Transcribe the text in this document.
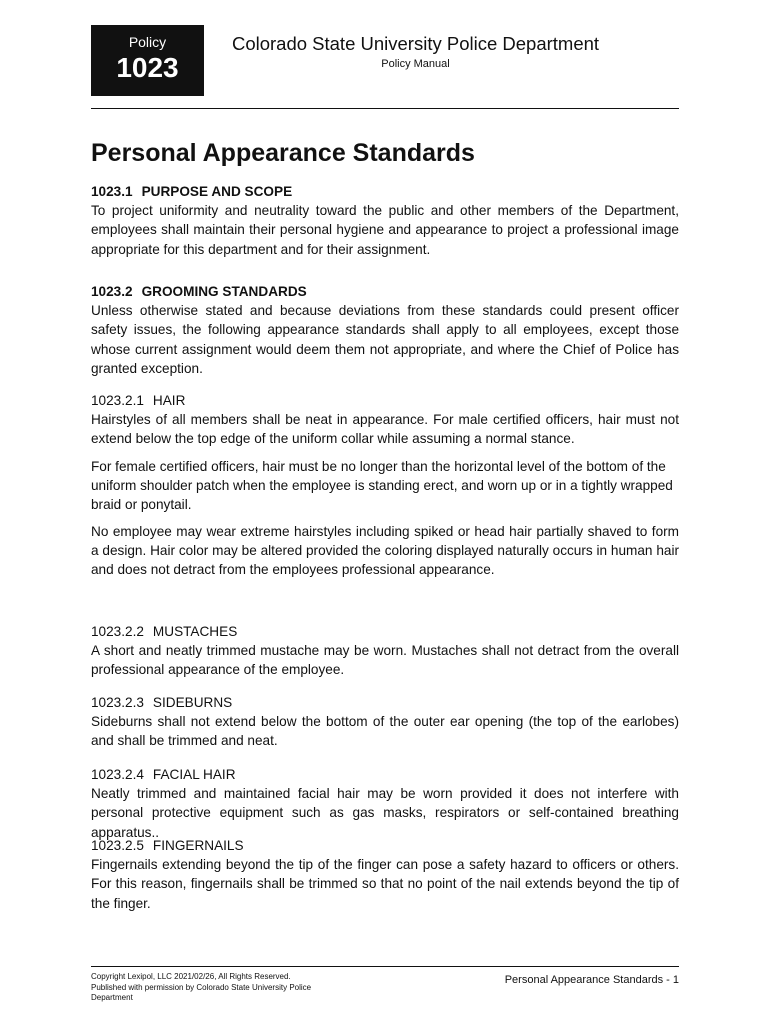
Policy
1023
Colorado State University Police Department
Policy Manual
Personal Appearance Standards
1023.1 PURPOSE AND SCOPE

To project uniformity and neutrality toward the public and other members of the Department, employees shall maintain their personal hygiene and appearance to project a professional image appropriate for this department and for their assignment.

1023.2 GROOMING STANDARDS

Unless otherwise stated and because deviations from these standards could present officer safety issues, the following appearance standards shall apply to all employees, except those whose current assignment would deem them not appropriate, and where the Chief of Police has granted exception.

1023.2.1 HAIR

Hairstyles of all members shall be neat in appearance. For male certified officers, hair must not extend below the top edge of the uniform collar while assuming a normal stance.

For female certified officers, hair must be no longer than the horizontal level of the bottom of the uniform shoulder patch when the employee is standing erect, and worn up or in a tightly wrapped braid or ponytail.

No employee may wear extreme hairstyles including spiked or head hair partially shaved to form a design. Hair color may be altered provided the coloring displayed naturally occurs in human hair and does not detract from the employees professional appearance.

1023.2.2 MUSTACHES

A short and neatly trimmed mustache may be worn. Mustaches shall not detract from the overall professional appearance of the employee.

1023.2.3 SIDEBURNS

Sideburns shall not extend below the bottom of the outer ear opening (the top of the earlobes) and shall be trimmed and neat.

1023.2.4 FACIAL HAIR

Neatly trimmed and maintained facial hair may be worn provided it does not interfere with personal protective equipment such as gas masks, respirators or self-contained breathing apparatus..

1023.2.5 FINGERNAILS

Fingernails extending beyond the tip of the finger can pose a safety hazard to officers or others. For this reason, fingernails shall be trimmed so that no point of the nail extends beyond the tip of the finger.

Copyright Lexipol, LLC 2021/02/26, All Rights Reserved.
Published with permission by Colorado State University Police
Department
Personal Appearance Standards - 1
